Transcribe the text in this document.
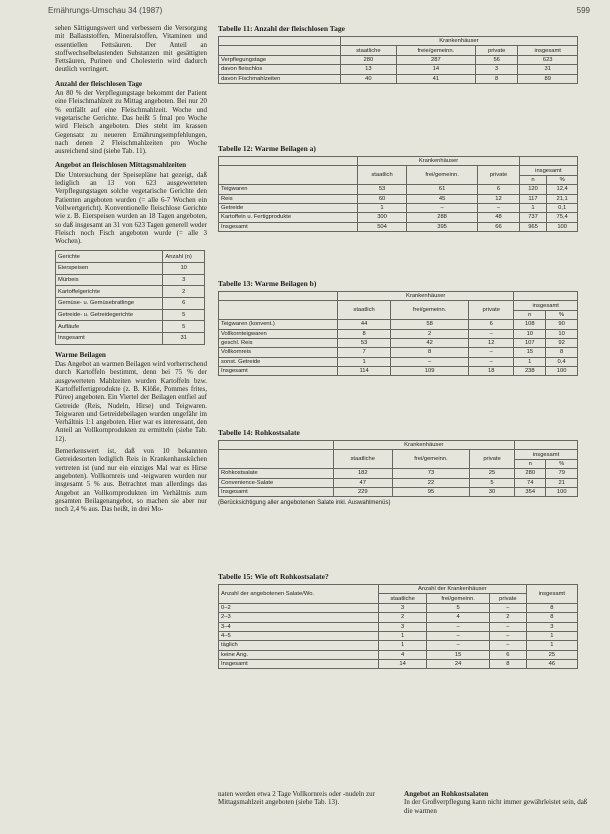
Ernährungs-Umschau 34 (1987)	599

sehen Sättigungswert und verbessern die Versorgung mit Ballaststoffen, Mineralstoffen, Vitaminen und essentiellen Fettsäuren. Der Anteil an stoffwechselbelastenden Substanzen mit gesättigten Fettsäuren, Purinen und Cholesterin wird dadurch deutlich verringert.

Anzahl der fleischlosen Tage

An 80 % der Verpflegungstage bekommt der Patient eine Fleischmahlzeit zu Mittag angeboten. Bei nur 20 % entfällt auf eine Fleischmahlzeit. Woche und vegetarische Gerichte. Das heißt 5 fmal pro Woche wird Fleisch angeboten. Dies steht im krassen Gegensatz zu neueren Ernährungsempfehlungen, nach denen 2 Fleischmahlzeiten pro Woche ausreichend sind (siehe Tab. 11).

Angebot an fleischlosen Mittagsmahlzeiten

Die Untersuchung der Speisepläne hat gezeigt, daß lediglich an 13 von 623 ausgewerteten Verpflegungstagen solche vegetarische Gerichte den Patienten angeboten wurden (= alle 6-7 Wochen ein Vollwertgericht). Konventionelle fleischlose Gerichte wie z. B. Eierspeisen wurden an 18 Tagen angeboten, so daß insgesamt an 31 von 623 Tagen generell weder Fleisch noch Fisch angeboten wurde (= alle 3 Wochen).

Gerichte	Anzahl (n)
Eierspeisen	10
Mürbeis	3
Kartoffelgerichte	2
Gemüse- u. Gemüsebratlinge	6
Getreide- u. Getreidegerichte	5
Aufläufe	5
Insgesamt	31
Warme Beilagen

Das Angebot an warmen Beilagen wird vorherrschend durch Kartoffeln bestimmt, denn bei 75 % der ausgewerteten Mahlzeiten wurden Kartoffeln bzw. Kartoffelfertigprodukte (z. B. Klöße, Pommes frites, Püree) angeboten. Ein Viertel der Beilagen entfiel auf Getreide (Reis, Nudeln, Hirse) und Teigwaren. Teigwaren und Getreidebeilagen wurden ungefähr im Verhältnis 1:1 angeboten. Hier war es interessant, den Anteil an Vollkornprodukten zu ermitteln (siehe Tab. 12).

Bemerkenswert ist, daß von 10 bekannten Getreidesorten lediglich Reis in Krankenhausküchen vertreten ist (und nur ein einziges Mal war es Hirse angeboten). Vollkornreis und -teigwaren wurden nur insgesamt 5 % aus. Betrachtet man allerdings das Angebot an Vollkornprodukten im Verhältnis zum gesamten Beilagenangebot, so machen sie aber nur noch 2,4 % aus. Das heißt, in drei Mo-

Tabelle 11: Anzahl der fleischlosen Tage
	Krankenhäuser			
	staatliche	freie/gemeinn.	private	insgesamt
Verpflegungstage	280	287	56	623
davon fleischlos	13	14	3	31
davon Fischmahlzeiten	40	41	8	89
Tabelle 12: Warme Beilagen a)
	Krankenhäuser				
	staatlich	frei/gemeinn.	private	insgesamt	
				n	%
Teigwaren	53	61	6	120	12,4
Reis	60	45	12	117	21,1
Getreide	1	–	–	1	0,1
Kartoffeln u. Fertigprodukte	300	288	48	737	75,4
Insgesamt	504	395	66	965	100
Tabelle 13: Warme Beilagen b)
	Krankenhäuser				
	staatlich	frei/gemeinn.	private	insgesamt	
				n	%
Teigwaren (konvent.)	44	58	6	108	90
Vollkornteigwaren	8	2	–	10	10
geschl. Reis	53	42	12	107	92
Vollkornreis	7	8	–	15	8
sonst. Getreide	1	–	–	1	0,4
Insgesamt	114	109	18	238	100
Tabelle 14: Rohkostsalate
	Krankenhäuser				
	staatliche	frei/gemeinn.	private	insgesamt	
				n	%
Rohkostsalate	182	73	25	280	79
Convenience-Salate	47	22	5	74	21
Insgesamt	229	95	30	354	100
(Berücksichtigung aller angebotenen Salate inkl. Auswahlmenüs)
Tabelle 15: Wie oft Rohkostsalate?
Anzahl der angebotenen Salate/Wo.	Anzahl der Krankenhäuser			insgesamt
	staatliche	frei/gemeinn.	private	
0–2	3	5	–	8
2–3	2	4	2	8
3–4	3	–	–	3
4–5	1	–	–	1
täglich	1	–	–	1
keine Ang.	4	15	6	25
Insgesamt	14	24	8	46

naten werden etwa 2 Tage Vollkornreis oder -nudeln zur Mittagsmahlzeit angeboten (siehe Tab. 13).

Angebot an Rohkostsalaten

In der Großverpflegung kann nicht immer gewährleistet sein, daß die warmen
